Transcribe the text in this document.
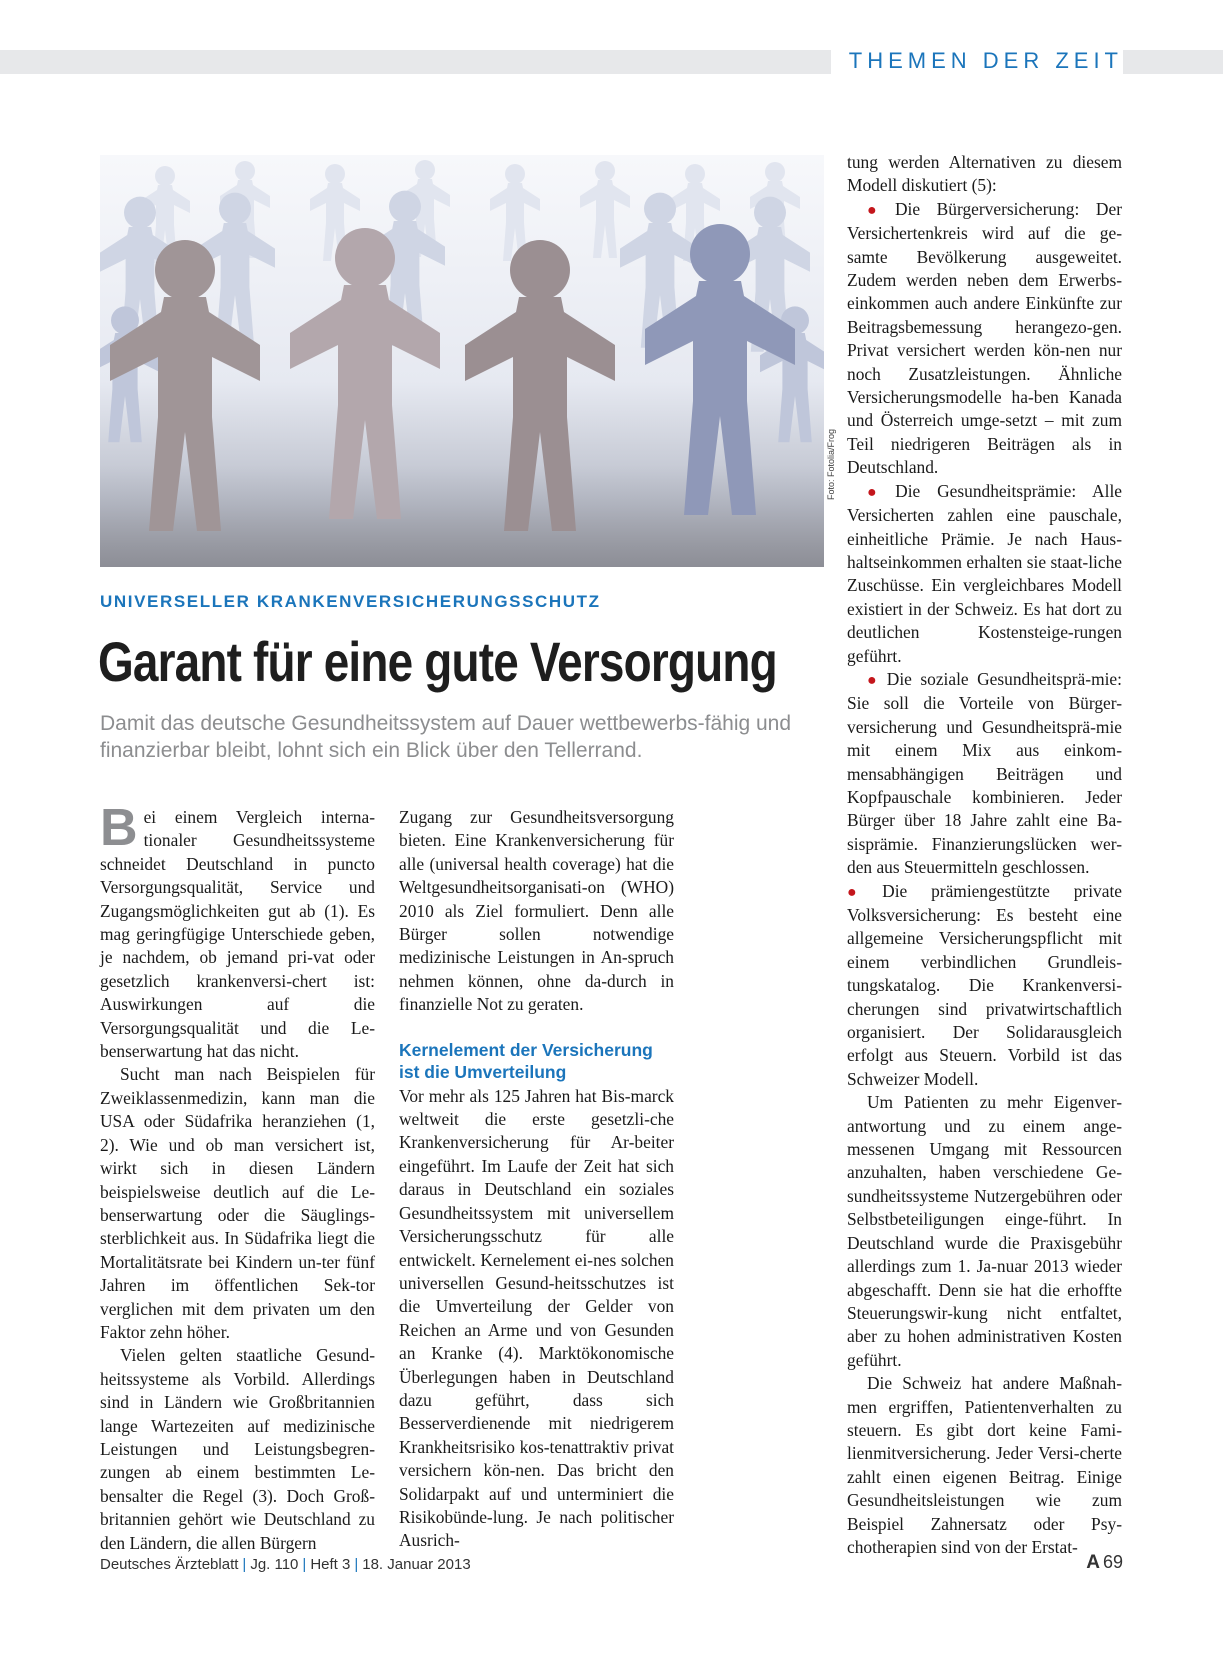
THEMEN DER ZEIT
Foto: Fotolia/Frog
UNIVERSELLER KRANKENVERSICHERUNGSSCHUTZ
Garant für eine gute Versorgung

Damit das deutsche Gesundheitssystem auf Dauer wettbewerbs-fähig und finanzierbar bleibt, lohnt sich ein Blick über den Tellerrand.

Bei einem Vergleich interna-tionaler Gesundheitssysteme schneidet Deutschland in puncto Versorgungsqualität, Service und Zugangsmöglichkeiten gut ab (1). Es mag geringfügige Unterschiede geben, je nachdem, ob jemand pri-vat oder gesetzlich krankenversi-chert ist: Auswirkungen auf die Versorgungsqualität und die Le-benserwartung hat das nicht.

Sucht man nach Beispielen für Zweiklassenmedizin, kann man die USA oder Südafrika heranziehen (1, 2). Wie und ob man versichert ist, wirkt sich in diesen Ländern beispielsweise deutlich auf die Le-benserwartung oder die Säuglings-sterblichkeit aus. In Südafrika liegt die Mortalitätsrate bei Kindern un-ter fünf Jahren im öffentlichen Sek-tor verglichen mit dem privaten um den Faktor zehn höher.

Vielen gelten staatliche Gesund-heitssysteme als Vorbild. Allerdings sind in Ländern wie Großbritannien lange Wartezeiten auf medizinische Leistungen und Leistungsbegren-zungen ab einem bestimmten Le-bensalter die Regel (3). Doch Groß-britannien gehört wie Deutschland zu den Ländern, die allen Bürgern

Zugang zur Gesundheitsversorgung bieten. Eine Krankenversicherung für alle (universal health coverage) hat die Weltgesundheitsorganisati-on (WHO) 2010 als Ziel formuliert. Denn alle Bürger sollen notwendige medizinische Leistungen in An-spruch nehmen können, ohne da-durch in finanzielle Not zu geraten.

Kernelement der Versicherung ist die Umverteilung

Vor mehr als 125 Jahren hat Bis-marck weltweit die erste gesetzli-che Krankenversicherung für Ar-beiter eingeführt. Im Laufe der Zeit hat sich daraus in Deutschland ein soziales Gesundheitssystem mit universellem Versicherungsschutz für alle entwickelt. Kernelement ei-nes solchen universellen Gesund-heitsschutzes ist die Umverteilung der Gelder von Reichen an Arme und von Gesunden an Kranke (4). Marktökonomische Überlegungen haben in Deutschland dazu geführt, dass sich Besserverdienende mit niedrigerem Krankheitsrisiko kos-tenattraktiv privat versichern kön-nen. Das bricht den Solidarpakt auf und unterminiert die Risikobünde-lung. Je nach politischer Ausrich-

tung werden Alternativen zu diesem Modell diskutiert (5):

● Die Bürgerversicherung: Der Versichertenkreis wird auf die ge-samte Bevölkerung ausgeweitet. Zudem werden neben dem Erwerbs-einkommen auch andere Einkünfte zur Beitragsbemessung herangezo-gen. Privat versichert werden kön-nen nur noch Zusatzleistungen. Ähnliche Versicherungsmodelle ha-ben Kanada und Österreich umge-setzt – mit zum Teil niedrigeren Beiträgen als in Deutschland.

● Die Gesundheitsprämie: Alle Versicherten zahlen eine pauschale, einheitliche Prämie. Je nach Haus-haltseinkommen erhalten sie staat-liche Zuschüsse. Ein vergleichbares Modell existiert in der Schweiz. Es hat dort zu deutlichen Kostensteige-rungen geführt.

● Die soziale Gesundheitsprä-mie: Sie soll die Vorteile von Bürger-versicherung und Gesundheitsprä-mie mit einem Mix aus einkom-mensabhängigen Beiträgen und Kopfpauschale kombinieren. Jeder Bürger über 18 Jahre zahlt eine Ba-sisprämie. Finanzierungslücken wer-den aus Steuermitteln geschlossen.

● Die prämiengestützte private Volksversicherung: Es besteht eine allgemeine Versicherungspflicht mit einem verbindlichen Grundleis-tungskatalog. Die Krankenversi-cherungen sind privatwirtschaftlich organisiert. Der Solidarausgleich erfolgt aus Steuern. Vorbild ist das Schweizer Modell.

Um Patienten zu mehr Eigenver-antwortung und zu einem ange-messenen Umgang mit Ressourcen anzuhalten, haben verschiedene Ge-sundheitssysteme Nutzergebühren oder Selbstbeteiligungen einge-führt. In Deutschland wurde die Praxisgebühr allerdings zum 1. Ja-nuar 2013 wieder abgeschafft. Denn sie hat die erhoffte Steuerungswir-kung nicht entfaltet, aber zu hohen administrativen Kosten geführt.

Die Schweiz hat andere Maßnah-men ergriffen, Patientenverhalten zu steuern. Es gibt dort keine Fami-lienmitversicherung. Jeder Versi-cherte zahlt einen eigenen Beitrag. Einige Gesundheitsleistungen wie zum Beispiel Zahnersatz oder Psy-chotherapien sind von der Erstat-

Deutsches Ärzteblatt | Jg. 110 | Heft 3 | 18. Januar 2013	A 69
